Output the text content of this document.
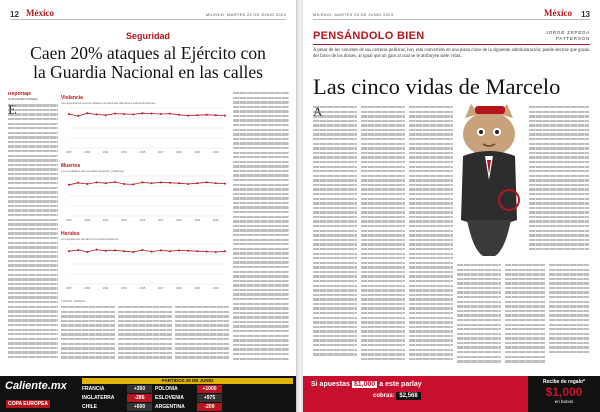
12 México	MILENIO, MARTES 25 DE JUNIO 2024
Seguridad
Caen 20% ataques al Ejército con
la Guardia Nacional en las calles
Reportaje
GUILLERMO RIVERA	Violencia
Las agresiones contra militares durante las diferentes administraciones
2007	2009	2011	2013	2015	2017	2019	2021	2023
Muertos
Los resultados del combate agresión (militares)
2007	2009	2011	2013	2015	2017	2019	2021	2023
Heridos
Los agresores heridos por enfrentamientos
2007	2009	2011	2013	2015	2017	2019	2021	2023
FUENTE: SEDENA
Caliente.mx
COPA EUROPEA
PARTIDOS 25 DE JUNIO
FRANCIA	+350	POLONIA	+1000
INGLATERRA	-286	ESLOVENIA	+975
CHILE	+600	ARGENTINA	-209
MILENIO, MARTES 25 DE JUNIO 2024	México 13
PENSÁNDOLO BIEN	JORGE ZEPEDA
PATTERSON
A pesar de los vaivenes de sus carreras políticas, hoy está convertido en una pieza clave de la siguiente administración; puede decirse que gozan del favor de los dioses, al igual que un gato al cual se le atribuyen siete vidas.
Las cinco vidas de Marcelo
Si apuestas $1,000 a este parlay
cobras: $2,568
Recibe de regalo*
$1,000
en bonos
